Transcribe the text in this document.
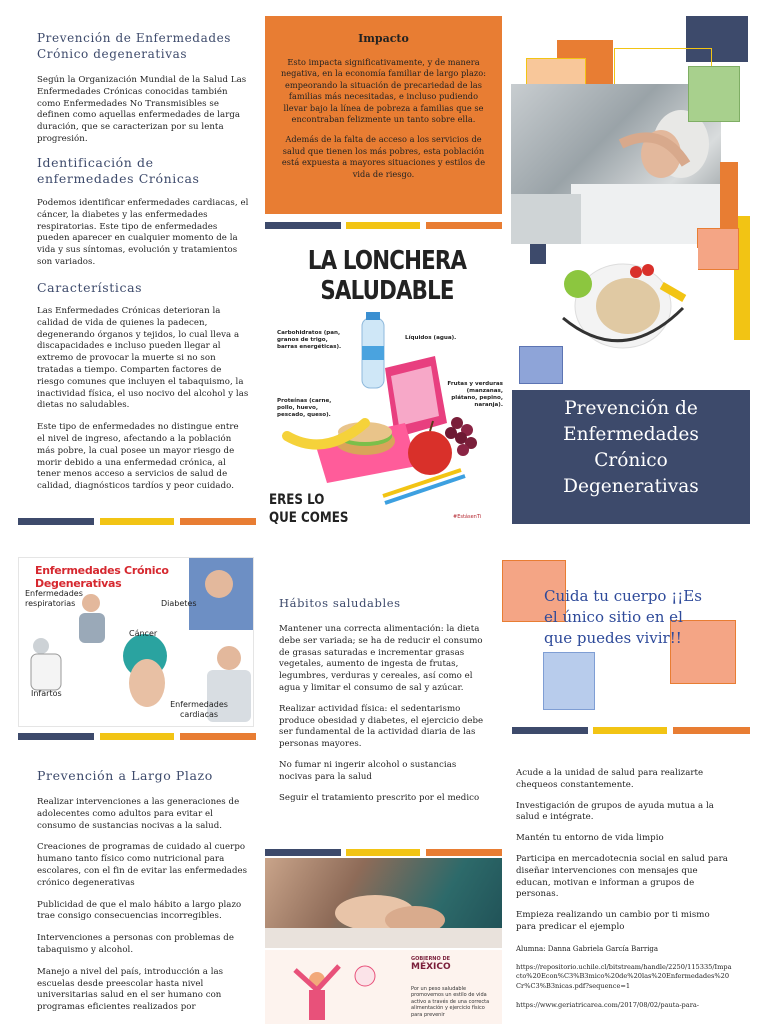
Prevención de Enfermedades Crónico degenerativas
Según la Organización Mundial de la Salud Las Enfermedades Crónicas conocidas también como Enfermedades No Transmisibles se definen como aquellas enfermedades de larga duración, que se caracterizan por su lenta progresión.
Identificación de enfermedades Crónicas
Podemos identificar enfermedades cardiacas, el cáncer, la diabetes y las enfermedades respiratorias. Este tipo de enfermedades pueden aparecer en cualquier momento de la vida y sus síntomas, evolución y tratamientos son variados.
Características
Las Enfermedades Crónicas deterioran la calidad de vida de quienes la padecen, degenerando órganos y tejidos, lo cual lleva a discapacidades e incluso pueden llegar al extremo de provocar la muerte si no son tratadas a tiempo. Comparten factores de riesgo comunes que incluyen el tabaquismo, la inactividad física, el uso nocivo del alcohol y las dietas no saludables.
Este tipo de enfermedades no distingue entre el nivel de ingreso, afectando a la población más pobre, la cual posee un mayor riesgo de morir debido a una enfermedad crónica, al tener menos acceso a servicios de salud de calidad, diagnósticos tardíos y peor cuidado.
Impacto
Esto impacta significativamente, y de manera negativa, en la economía familiar de largo plazo: empeorando la situación de precariedad de las familias más necesitadas, e incluso pudiendo llevar bajo la línea de pobreza a familias que se encontraban felizmente un tanto sobre ella.
Además de la falta de acceso a los servicios de salud que tienen los más pobres, esta población está expuesta a mayores situaciones y estilos de vida de riesgo.
LA LONCHERA
SALUDABLE
Carbohidratos (pan, granos de trigo, barras energéticas).
Líquidos (agua).
Frutas y verduras (manzanas, plátano, pepino, naranja).
Proteínas (carne, pollo, huevo, pescado, queso).
ERES LO
QUE COMES	#EstásenTi
Prevención de Enfermedades Crónico Degenerativas
Enfermedades Crónico Degenerativas
Enfermedades respiratorias	Diabetes
Cáncer
Infartos
Enfermedades cardiacas
Prevención a Largo Plazo
Realizar intervenciones a las generaciones de adolecentes como adultos para evitar el consumo de sustancias nocivas a la salud.
Creaciones de programas de cuidado al cuerpo humano tanto físico como nutricional para escolares, con el fin de evitar las enfermedades crónico degenerativas
Publicidad de que el malo hábito a largo plazo trae consigo consecuencias incorregibles.
Intervenciones a personas con problemas de tabaquismo y alcohol.
Manejo a nivel del país, introducción a las escuelas desde preescolar hasta nivel universitarias salud en el ser humano con programas eficientes realizados por
Hábitos saludables
Mantener una correcta alimentación: la dieta debe ser variada; se ha de reducir el consumo de grasas saturadas e incrementar grasas vegetales, aumento de ingesta de frutas, legumbres, verduras y cereales, así como el agua y limitar el consumo de sal y azúcar.
Realizar actividad física: el sedentarismo produce obesidad y diabetes, el ejercicio debe ser fundamental de la actividad diaria de las personas mayores.
No fumar ni ingerir alcohol o sustancias nocivas para la salud
Seguir el tratamiento prescrito por el medico
GOBIERNO DE
MÉXICO
Por un peso saludable promovemos un estilo de vida activo a través de una correcta alimentación y ejercicio físico para prevenir
Cuida tu cuerpo ¡¡Es el único sitio en el que puedes vivir!!
Acude a la unidad de salud para realizarte chequeos constantemente.
Investigación de grupos de ayuda mutua a la salud e intégrate.
Mantén tu entorno de vida limpio
Participa en mercadotecnia social en salud para diseñar intervenciones con mensajes que educan, motivan e informan a grupos de personas.
Empieza realizando un cambio por ti mismo para predicar el ejemplo
Alumna: Danna Gabriela García Barriga
https://repositorio.uchile.cl/bitstream/handle/2250/115335/Impacto%20Econ%C3%B3mico%20de%20las%20Enfermedades%20Cr%C3%B3nicas.pdf?sequence=1
https://www.geriatricarea.com/2017/08/02/pauta-para-
